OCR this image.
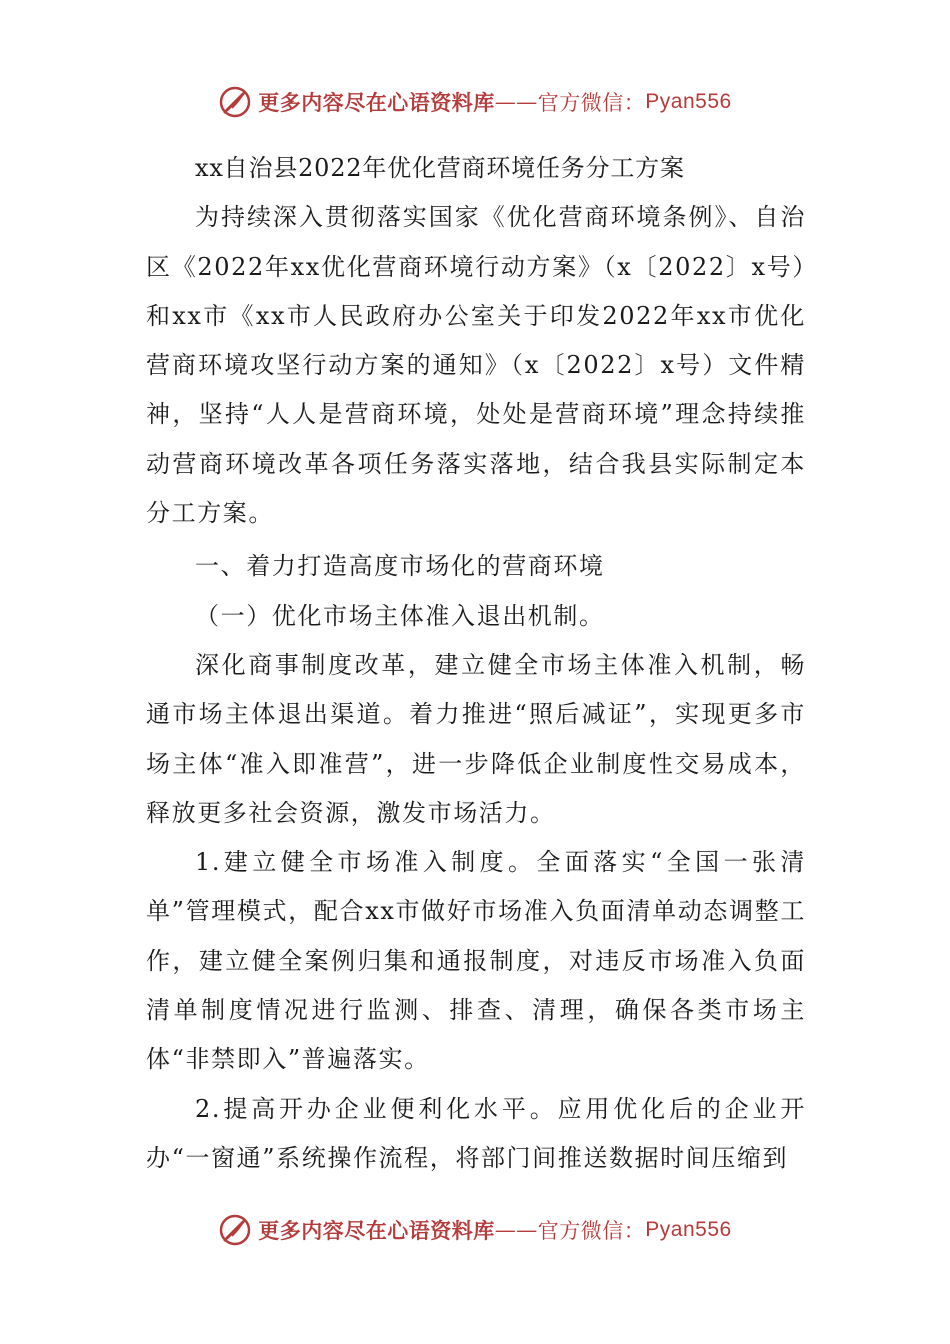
更多内容尽在心语资料库 —— 官方微信： Pyan556

xx自治县2022年优化营商环境任务分工方案

为持续深入贯彻落实国家《优化营商环境条例》、自治区《2022年xx优化营商环境行动方案》（x〔2022〕x号）和xx市《xx市人民政府办公室关于印发2022年xx市优化营商环境攻坚行动方案的通知》（x〔2022〕x号）文件精神，坚持“人人是营商环境，处处是营商环境”理念持续推动营商环境改革各项任务落实落地，结合我县实际制定本分工方案。

一、着力打造高度市场化的营商环境

（一）优化市场主体准入退出机制。

深化商事制度改革，建立健全市场主体准入机制，畅通市场主体退出渠道。着力推进“照后减证”，实现更多市场主体“准入即准营”，进一步降低企业制度性交易成本，释放更多社会资源，激发市场活力。

1.建立健全市场准入制度。全面落实“全国一张清单”管理模式，配合xx市做好市场准入负面清单动态调整工作，建立健全案例归集和通报制度，对违反市场准入负面清单制度情况进行监测、排查、清理，确保各类市场主体“非禁即入”普遍落实。

2.提高开办企业便利化水平。应用优化后的企业开办“一窗通”系统操作流程，将部门间推送数据时间压缩到

更多内容尽在心语资料库 —— 官方微信： Pyan556
